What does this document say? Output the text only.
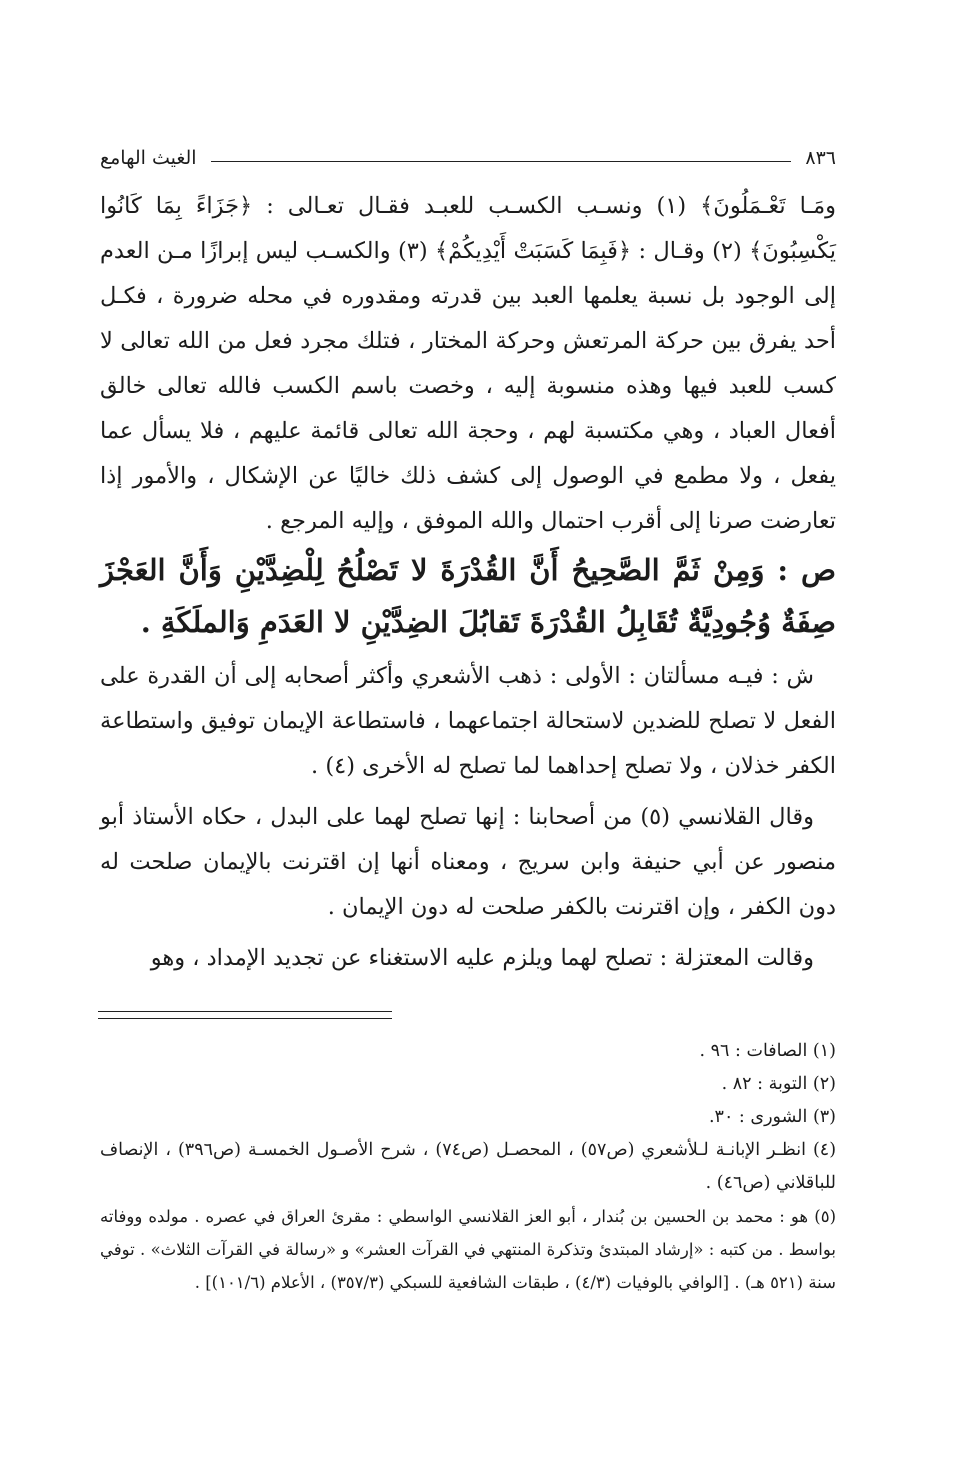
٨٣٦
الغيث الهامع

ومَـا تَعْـمَلُونَ﴾ (١) ونسـب الكسـب للعبـد فقـال تعـالى : ﴿جَزَاءً بِمَا كَانُوا يَكْسِبُونَ﴾ (٢) وقـال : ﴿فَبِمَا كَسَبَتْ أَيْدِيكُمْ﴾ (٣) والكسـب ليس إبرازًا مـن العدم إلى الوجود بل نسبة يعلمها العبد بين قدرته ومقدوره في محله ضرورة ، فكـل أحد يفرق بين حركة المرتعش وحركة المختار ، فتلك مجرد فعل من الله تعالى لا كسب للعبد فيها وهذه منسوبة إليه ، وخصت باسم الكسب فالله تعالى خالق أفعال العباد ، وهي مكتسبة لهم ، وحجة الله تعالى قائمة عليهم ، فلا يسأل عما يفعل ، ولا مطمع في الوصول إلى كشف ذلك خاليًا عن الإشكال ، والأمور إذا تعارضت صرنا إلى أقرب احتمال والله الموفق ، وإليه المرجع .

ص : وَمِنْ ثَمَّ الصَّحِيحُ أَنَّ القُدْرَةَ لا تَصْلُحُ لِلْضِدَّيْنِ وَأَنَّ العَجْزَ صِفَةٌ وُجُودِيَّةٌ تُقَابِلُ القُدْرَةَ تَقابُلَ الضِدَّيْنِ لا العَدَمِ وَالملَكَةِ .

ش : فيـه مسألتان : الأولى : ذهب الأشعري وأكثر أصحابه إلى أن القدرة على الفعل لا تصلح للضدين لاستحالة اجتماعهما ، فاستطاعة الإيمان توفيق واستطاعة الكفر خذلان ، ولا تصلح إحداهما لما تصلح له الأخرى (٤) .

وقال القلانسي (٥) من أصحابنا : إنها تصلح لهما على البدل ، حكاه الأستاذ أبو منصور عن أبي حنيفة وابن سريج ، ومعناه أنها إن اقترنت بالإيمان صلحت له دون الكفر ، وإن اقترنت بالكفر صلحت له دون الإيمان .

وقالت المعتزلة : تصلح لهما ويلزم عليه الاستغناء عن تجديد الإمداد ، وهو

(١) الصافات : ٩٦ .

(٢) التوبة : ٨٢ .

(٣) الشورى : ٣٠.

(٤) انظـر الإبانـة لـلأشعري (ص٥٧) ، المحصـل (ص٧٤) ، شرح الأصـول الخمسـة (ص٣٩٦) ، الإنصاف للباقلاني (ص٤٦) .

(٥) هو : محمد بن الحسين بن بُندار ، أبو العز القلانسي الواسطي : مقرئ العراق في عصره . مولده ووفاته بواسط . من كتبه : «إرشاد المبتدئ وتذكرة المنتهي في القرآت العشر» و «رسالة في القرآت الثلاث» . توفي سنة (٥٢١ هـ) . [الوافي بالوفيات (٤/٣) ، طبقات الشافعية للسبكي (٣٥٧/٣) ، الأعلام (١٠١/٦)] .
